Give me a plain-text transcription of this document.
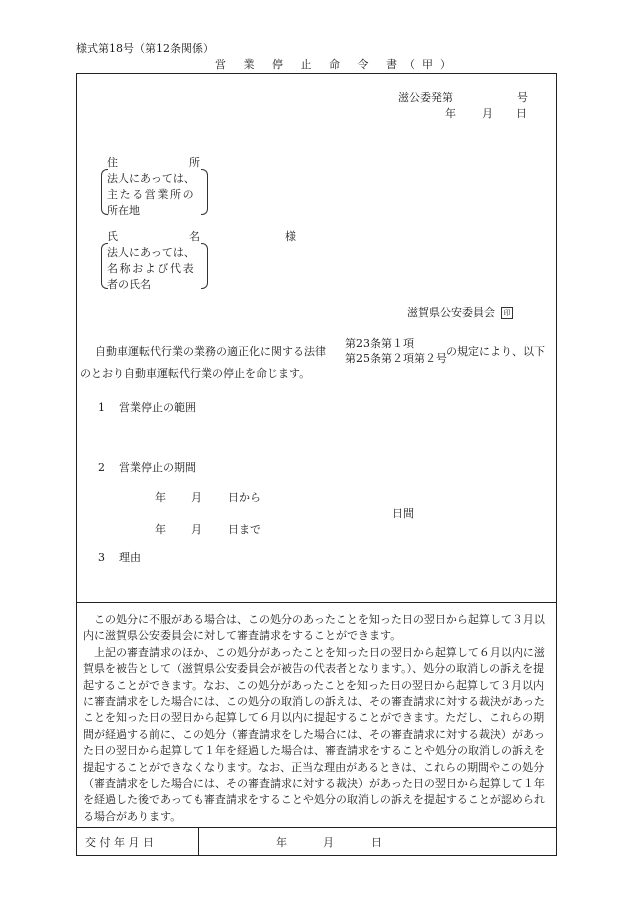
様式第18号（第12条関係）
営 業 停 止 命 令 書（甲）
滋公委発第	号
年 月 日
住	所
法人にあっては、
主たる営業所の
所在地
氏	名	様
法人にあっては、
名称および代表
者の氏名
滋賀県公安委員会 印
自動車運転代行業の業務の適正化に関する法律
第23条第１項
第25条第２項第２号
の規定により、以下
のとおり自動車運転代行業の停止を命じます。
1 営業停止の範囲
2 営業停止の期間
年 月 日から
日間
年 月 日まで
3 理由

この処分に不服がある場合は、この処分のあったことを知った日の翌日から起算して３月以内に滋賀県公安委員会に対して審査請求をすることができます。

上記の審査請求のほか、この処分があったことを知った日の翌日から起算して６月以内に滋賀県を被告として（滋賀県公安委員会が被告の代表者となります。）、処分の取消しの訴えを提起することができます。なお、この処分があったことを知った日の翌日から起算して３月以内に審査請求をした場合には、この処分の取消しの訴えは、その審査請求に対する裁決があったことを知った日の翌日から起算して６月以内に提起することができます。ただし、これらの期間が経過する前に、この処分（審査請求をした場合には、その審査請求に対する裁決）があった日の翌日から起算して１年を経過した場合は、審査請求をすることや処分の取消しの訴えを提起することができなくなります。なお、正当な理由があるときは、これらの期間やこの処分（審査請求をした場合には、その審査請求に対する裁決）があった日の翌日から起算して１年を経過した後であっても審査請求をすることや処分の取消しの訴えを提起することが認められる場合があります。

交 付 年 月 日	年	月	日
